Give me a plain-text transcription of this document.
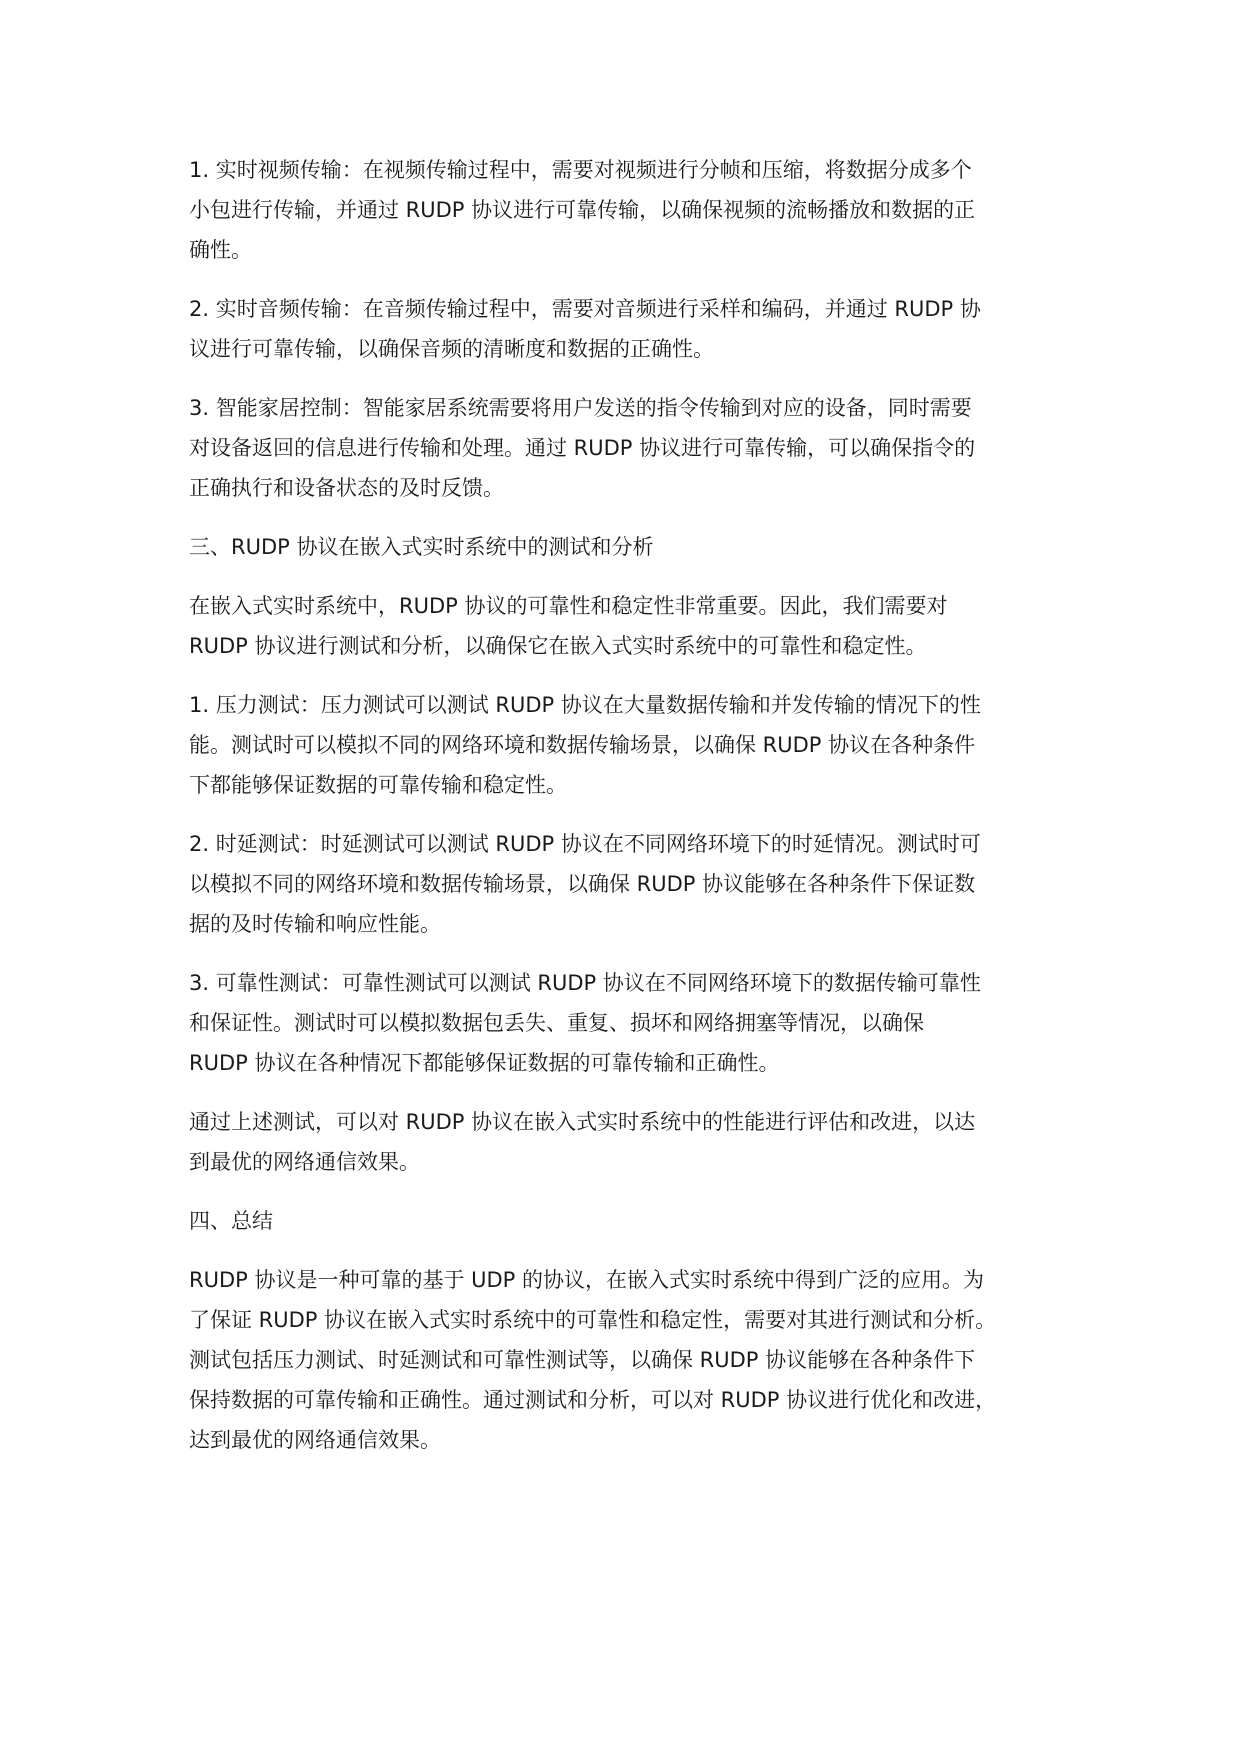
1. 实时视频传输：在视频传输过程中，需要对视频进行分帧和压缩，将数据分成多个
小包进行传输，并通过 RUDP 协议进行可靠传输，以确保视频的流畅播放和数据的正
确性。

2. 实时音频传输：在音频传输过程中，需要对音频进行采样和编码，并通过 RUDP 协
议进行可靠传输，以确保音频的清晰度和数据的正确性。

3. 智能家居控制：智能家居系统需要将用户发送的指令传输到对应的设备，同时需要
对设备返回的信息进行传输和处理。通过 RUDP 协议进行可靠传输，可以确保指令的
正确执行和设备状态的及时反馈。

三、RUDP 协议在嵌入式实时系统中的测试和分析

在嵌入式实时系统中，RUDP 协议的可靠性和稳定性非常重要。因此，我们需要对
RUDP 协议进行测试和分析，以确保它在嵌入式实时系统中的可靠性和稳定性。

1. 压力测试：压力测试可以测试 RUDP 协议在大量数据传输和并发传输的情况下的性
能。测试时可以模拟不同的网络环境和数据传输场景，以确保 RUDP 协议在各种条件
下都能够保证数据的可靠传输和稳定性。

2. 时延测试：时延测试可以测试 RUDP 协议在不同网络环境下的时延情况。测试时可
以模拟不同的网络环境和数据传输场景，以确保 RUDP 协议能够在各种条件下保证数
据的及时传输和响应性能。

3. 可靠性测试：可靠性测试可以测试 RUDP 协议在不同网络环境下的数据传输可靠性
和保证性。测试时可以模拟数据包丢失、重复、损坏和网络拥塞等情况，以确保
RUDP 协议在各种情况下都能够保证数据的可靠传输和正确性。

通过上述测试，可以对 RUDP 协议在嵌入式实时系统中的性能进行评估和改进，以达
到最优的网络通信效果。

四、总结

RUDP 协议是一种可靠的基于 UDP 的协议，在嵌入式实时系统中得到广泛的应用。为
了保证 RUDP 协议在嵌入式实时系统中的可靠性和稳定性，需要对其进行测试和分析。
测试包括压力测试、时延测试和可靠性测试等，以确保 RUDP 协议能够在各种条件下
保持数据的可靠传输和正确性。通过测试和分析，可以对 RUDP 协议进行优化和改进，
达到最优的网络通信效果。
